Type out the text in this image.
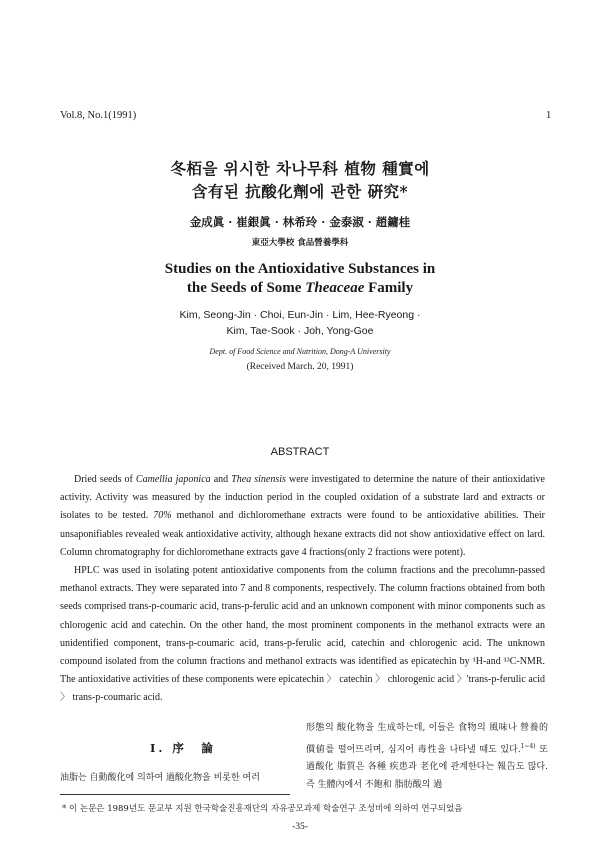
Vol.8, No.1(1991)	1
冬栢을 위시한 차나무科 植物 種實에
含有된 抗酸化劑에 관한 硏究*
金成眞 · 崔銀眞 · 林希玲 · 金泰淑 · 趙鏞桂
東亞大學校 食品營養學科
Studies on the Antioxidative Substances in
the Seeds of Some Theaceae Family
Kim, Seong-Jin · Choi, Eun-Jin · Lim, Hee-Ryeong ·
Kim, Tae-Sook · Joh, Yong-Goe
Dept. of Food Science and Nutrition, Dong-A University
(Received March. 20, 1991)
ABSTRACT

Dried seeds of Camellia japonica and Thea sinensis were investigated to determine the nature of their antioxidative activity. Activity was measured by the induction period in the coupled oxidation of a substrate lard and extracts or isolates to be tested. 70% methanol and dichloromethane extracts were found to be antioxidative abilities. Their unsaponifiables revealed weak antioxidative activity, although hexane extracts did not show antioxidative effect on lard. Column chromatography for dichloromethane extracts gave 4 fractions(only 2 fractions were potent).

HPLC was used in isolating potent antioxidative components from the column fractions and the precolumn-passed methanol extracts. They were separated into 7 and 8 components, respectively. The column fractions obtained from both seeds comprised trans-p-coumaric acid, trans-p-ferulic acid and an unknown component with minor components such as chlorogenic acid and catechin. On the other hand, the most prominent components in the methanol extracts were an unidentified component, trans-p-coumaric acid, trans-p-ferulic acid, catechin and chlorogenic acid. The unknown compound isolated from the column fractions and methanol extracts was identified as epicatechin by ¹H-and ¹³C-NMR. The antioxidative activities of these components were epicatechin 〉 catechin 〉 chlorogenic acid 〉'trans-p-ferulic acid 〉 trans-p-coumaric acid.

形態의 酸化物을 生成하는데, 이들은 食物의 風味나 營養的 價値를 떨어뜨리며, 심지어 毒性을 나타낼 때도 있다.$^{1\sim 4)}$ 또 過酸化 脂質은 各種 疾患과 老化에 관계한다는 報告도 많다. 즉 生體內에서 不飽和 脂肪酸의 過
I. 序　論
油脂는 自動酸化에 의하여 過酸化物을 비롯한 여러
* 이 논문은 1989년도 문교부 지원 한국학술진흥재단의 자유공모과제 학술연구 조성비에 의하여 연구되었음
-35-
